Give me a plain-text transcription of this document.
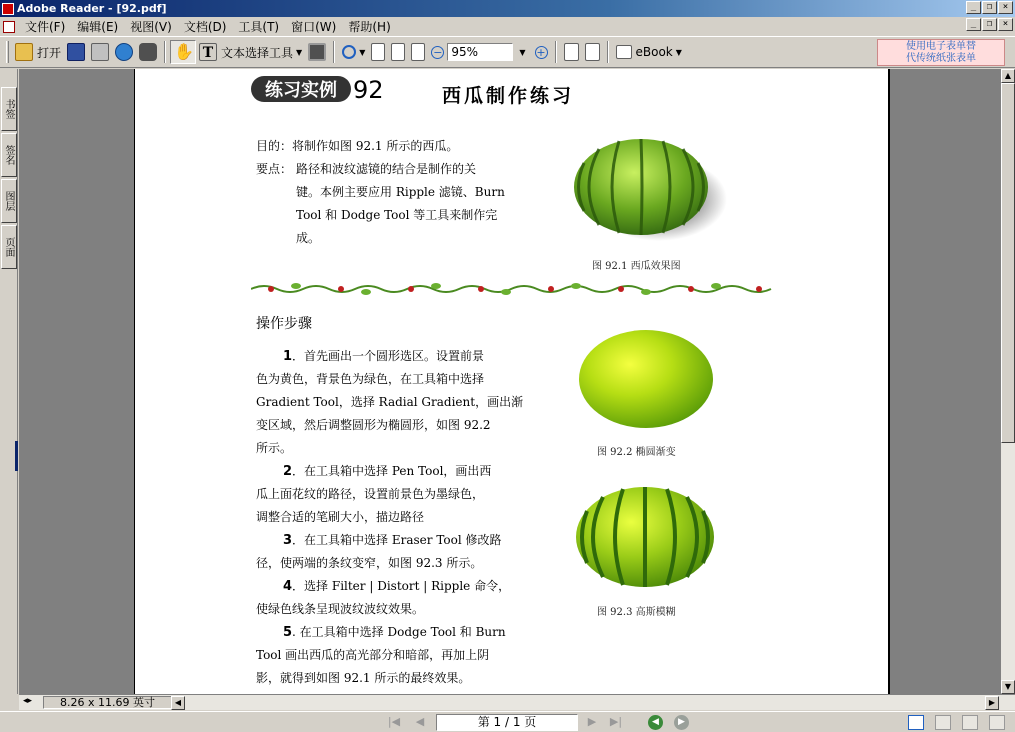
Adobe Reader - [92.pdf]	_	❐	×
文件(F)	编辑(E)	视图(V)	文档(D)	工具(T)	窗口(W)	帮助(H)	_	❐	×
打开	✋ T 文本选择工具 ▼	▼	− 95%	▼ +	eBook ▼	使用电子表单替
代传统纸张表单
书签
签名
图层
页面
练习实例 92	西瓜制作练习
目的：将制作如图 92.1 所示的西瓜。
要点： 路径和波纹滤镜的结合是制作的关
键。本例主要应用 Ripple 滤镜、Burn
Tool 和 Dodge Tool 等工具来制作完
成。
图 92.1 西瓜效果图
操作步骤
1．首先画出一个圆形选区。设置前景
色为黄色，背景色为绿色，在工具箱中选择
Gradient Tool，选择 Radial Gradient，画出渐
变区域，然后调整圆形为椭圆形，如图 92.2
所示。
2．在工具箱中选择 Pen Tool，画出西
瓜上面花纹的路径，设置前景色为墨绿色，
调整合适的笔刷大小，描边路径
3．在工具箱中选择 Eraser Tool 修改路
径，使两端的条纹变窄，如图 92.3 所示。
4．选择 Filter | Distort | Ripple 命令，
使绿色线条呈现波纹波纹效果。
5. 在工具箱中选择 Dodge Tool 和 Burn
Tool 画出西瓜的高光部分和暗部，再加上阴
影，就得到如图 92.1 所示的最终效果。
图 92.2 椭圆渐变
图 92.3 高斯模糊
▲
▼
◂▸	8.26 x 11.69 英寸	◀	▶
|◀	◀	第 1 / 1 页	▶	▶|	◀	▶
